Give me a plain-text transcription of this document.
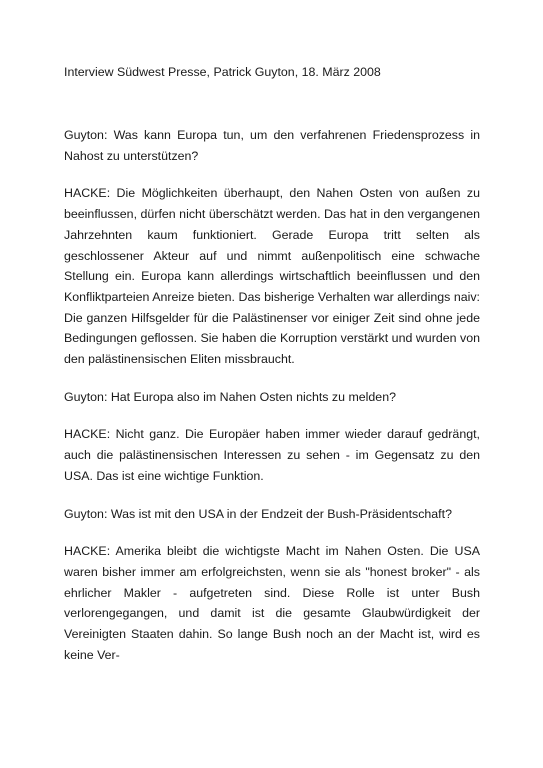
Interview Südwest Presse, Patrick Guyton, 18. März 2008

Guyton: Was kann Europa tun, um den verfahrenen Friedensprozess in Nahost zu unterstützen?

HACKE: Die Möglichkeiten überhaupt, den Nahen Osten von außen zu beeinflussen, dürfen nicht überschätzt werden. Das hat in den vergangenen Jahrzehnten kaum funktioniert. Gerade Europa tritt selten als geschlossener Akteur auf und nimmt außenpolitisch eine schwache Stellung ein. Europa kann allerdings wirtschaftlich beeinflussen und den Konfliktparteien Anreize bieten. Das bisherige Verhalten war allerdings naiv: Die ganzen Hilfsgelder für die Palästinenser vor einiger Zeit sind ohne jede Bedingungen geflossen. Sie haben die Korruption verstärkt und wurden von den palästinensischen Eliten missbraucht.

Guyton: Hat Europa also im Nahen Osten nichts zu melden?

HACKE: Nicht ganz. Die Europäer haben immer wieder darauf gedrängt, auch die palästinensischen Interessen zu sehen - im Gegensatz zu den USA. Das ist eine wichtige Funktion.

Guyton: Was ist mit den USA in der Endzeit der Bush-Präsidentschaft?

HACKE: Amerika bleibt die wichtigste Macht im Nahen Osten. Die USA waren bisher immer am erfolgreichsten, wenn sie als "honest broker" - als ehrlicher Makler - aufgetreten sind. Diese Rolle ist unter Bush verlorengegangen, und damit ist die gesamte Glaubwürdigkeit der Vereinigten Staaten dahin. So lange Bush noch an der Macht ist, wird es keine Ver-
